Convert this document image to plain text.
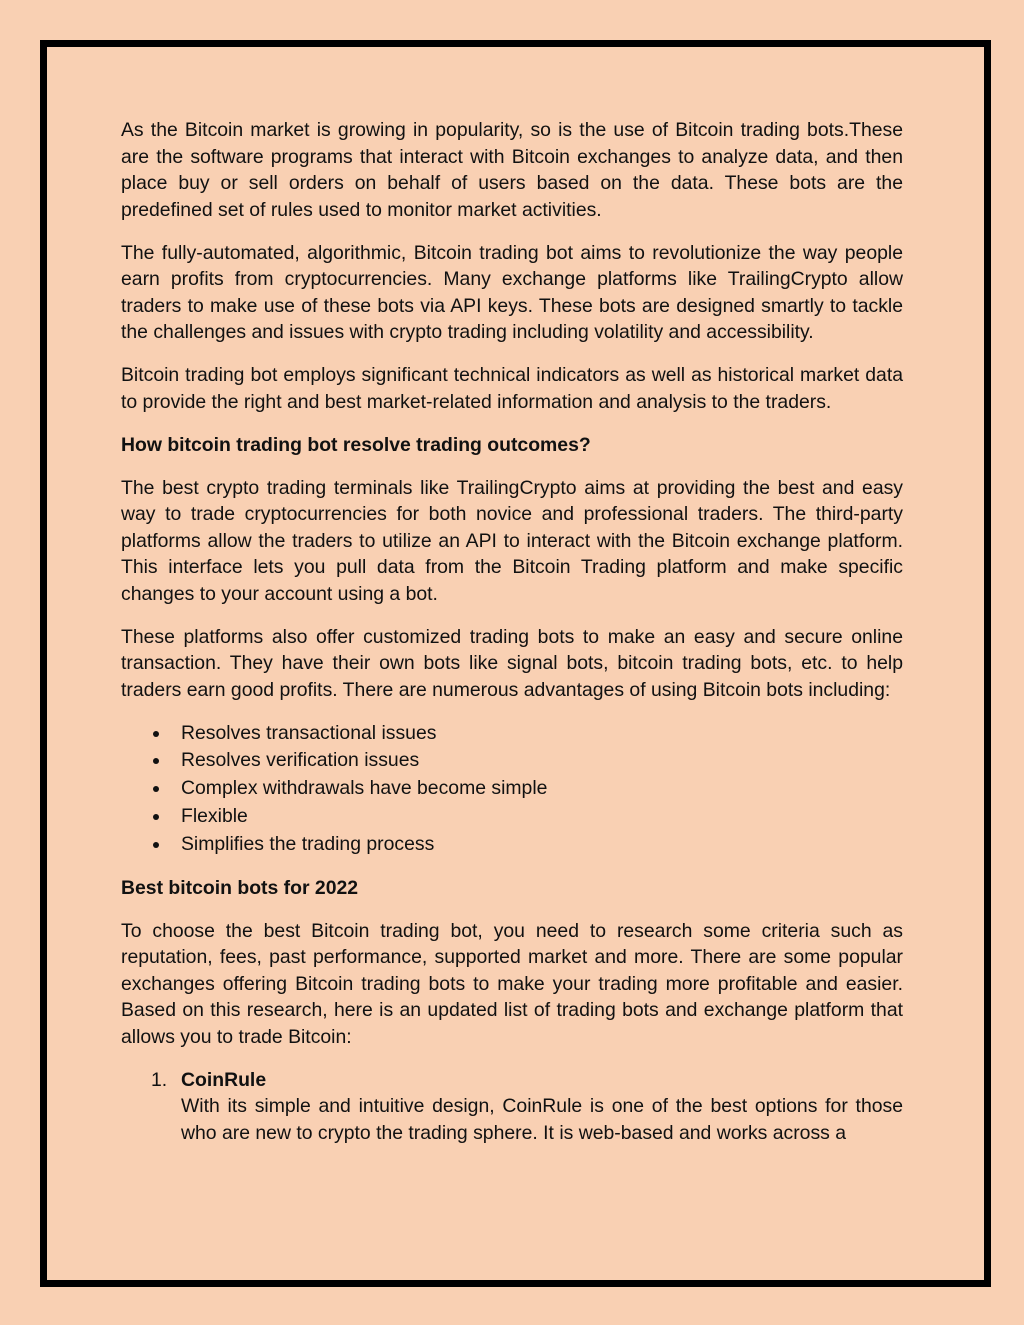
As the Bitcoin market is growing in popularity, so is the use of Bitcoin trading bots.These are the software programs that interact with Bitcoin exchanges to analyze data, and then place buy or sell orders on behalf of users based on the data. These bots are the predefined set of rules used to monitor market activities.

The fully-automated, algorithmic, Bitcoin trading bot aims to revolutionize the way people earn profits from cryptocurrencies. Many exchange platforms like TrailingCrypto allow traders to make use of these bots via API keys. These bots are designed smartly to tackle the challenges and issues with crypto trading including volatility and accessibility.

Bitcoin trading bot employs significant technical indicators as well as historical market data to provide the right and best market-related information and analysis to the traders.

How bitcoin trading bot resolve trading outcomes?

The best crypto trading terminals like TrailingCrypto aims at providing the best and easy way to trade cryptocurrencies for both novice and professional traders. The third-party platforms allow the traders to utilize an API to interact with the Bitcoin exchange platform. This interface lets you pull data from the Bitcoin Trading platform and make specific changes to your account using a bot.

These platforms also offer customized trading bots to make an easy and secure online transaction. They have their own bots like signal bots, bitcoin trading bots, etc. to help traders earn good profits. There are numerous advantages of using Bitcoin bots including:

Resolves transactional issues
Resolves verification issues
Complex withdrawals have become simple
Flexible
Simplifies the trading process
Best bitcoin bots for 2022

To choose the best Bitcoin trading bot, you need to research some criteria such as reputation, fees, past performance, supported market and more. There are some popular exchanges offering Bitcoin trading bots to make your trading more profitable and easier. Based on this research, here is an updated list of trading bots and exchange platform that allows you to trade Bitcoin:

1. CoinRule
With its simple and intuitive design, CoinRule is one of the best options for those who are new to crypto the trading sphere. It is web-based and works across a
